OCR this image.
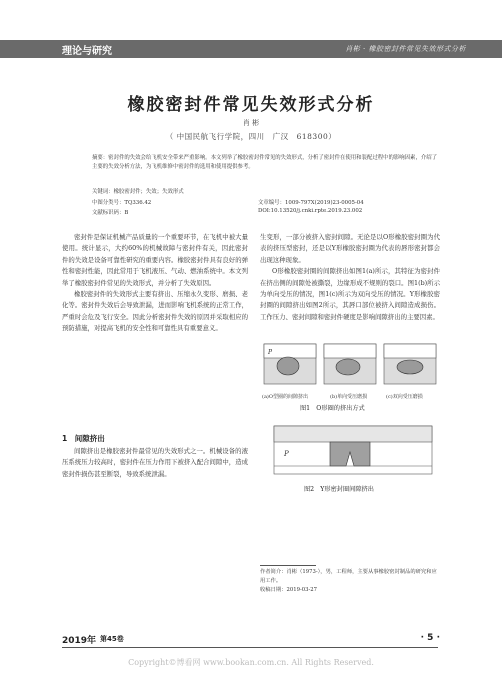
理论与研究	肖彬 · 橡胶密封件常见失效形式分析
橡胶密封件常见失效形式分析
肖 彬
（ 中国民航飞行学院，四川　广汉　618300）
摘要：密封件的失效会给飞机安全带来严重影响。本文列举了橡胶密封件常见的失效形式，分析了密封件在使用和装配过程中的影响因素，介绍了主要的失效分析方法，为飞机维修中密封件的选用和使用提供参考。
关键词：橡胶密封件；失效；失效形式
中图分类号：TQ336.42
文献标识码：B
文章编号：1009-797X(2019)23-0005-04
DOI:10.13520/j.cnki.rpte.2019.23.002

密封件是保证机械产品质量的一个重要环节，在飞机中被大量使用。统计显示，大约60%的机械故障与密封件有关，因此密封件的失效是设备可靠性研究的重要内容。橡胶密封件具有良好的弹性和密封性能，因此常用于飞机液压、气动、燃油系统中。本文列举了橡胶密封件常见的失效形式，并分析了失效原因。

橡胶密封件的失效形式主要有挤出、压缩永久变形、磨损、老化等。密封件失效后会导致泄漏，进而影响飞机系统的正常工作，严重时会危及飞行安全。因此分析密封件失效的原因并采取相应的预防措施，对提高飞机的安全性和可靠性具有重要意义。

1　间隙挤出

间隙挤出是橡胶密封件最常见的失效形式之一。机械设备的液压系统压力较高时，密封件在压力作用下被挤入配合间隙中，造成密封件损伤甚至断裂，导致系统泄漏。

生变形，一部分被挤入密封间隙。无论是以O形橡胶密封圈为代表的挤压型密封，还是以Y形橡胶密封圈为代表的唇形密封都会出现这种现象。

O形橡胶密封圈的间隙挤出如图1(a)所示，其特征为密封件在挤出侧的间隙处被撕裂，边缘形成不规则的裂口。图1(b)所示为单向受压的情况，图1(c)所示为双向受压的情况。Y形橡胶密封圈的间隙挤出如图2所示，其唇口部位被挤入间隙造成损伤。工作压力、密封间隙和密封件硬度是影响间隙挤出的主要因素。

P
(a)O型圈的间隙挤出	(b)单向受压磨损	(c)双向受压磨损
图1　O形圈的挤出方式
P
图2　Y形密封圈间隙挤出
作者简介：肖彬（1973-），男，工程师，主要从事橡胶密封制品的研究和应用工作。
收稿日期：2019-03-27
2019年 第45卷	· 5 ·
Copyright©博看网 www.bookan.com.cn. All Rights Reserved.
